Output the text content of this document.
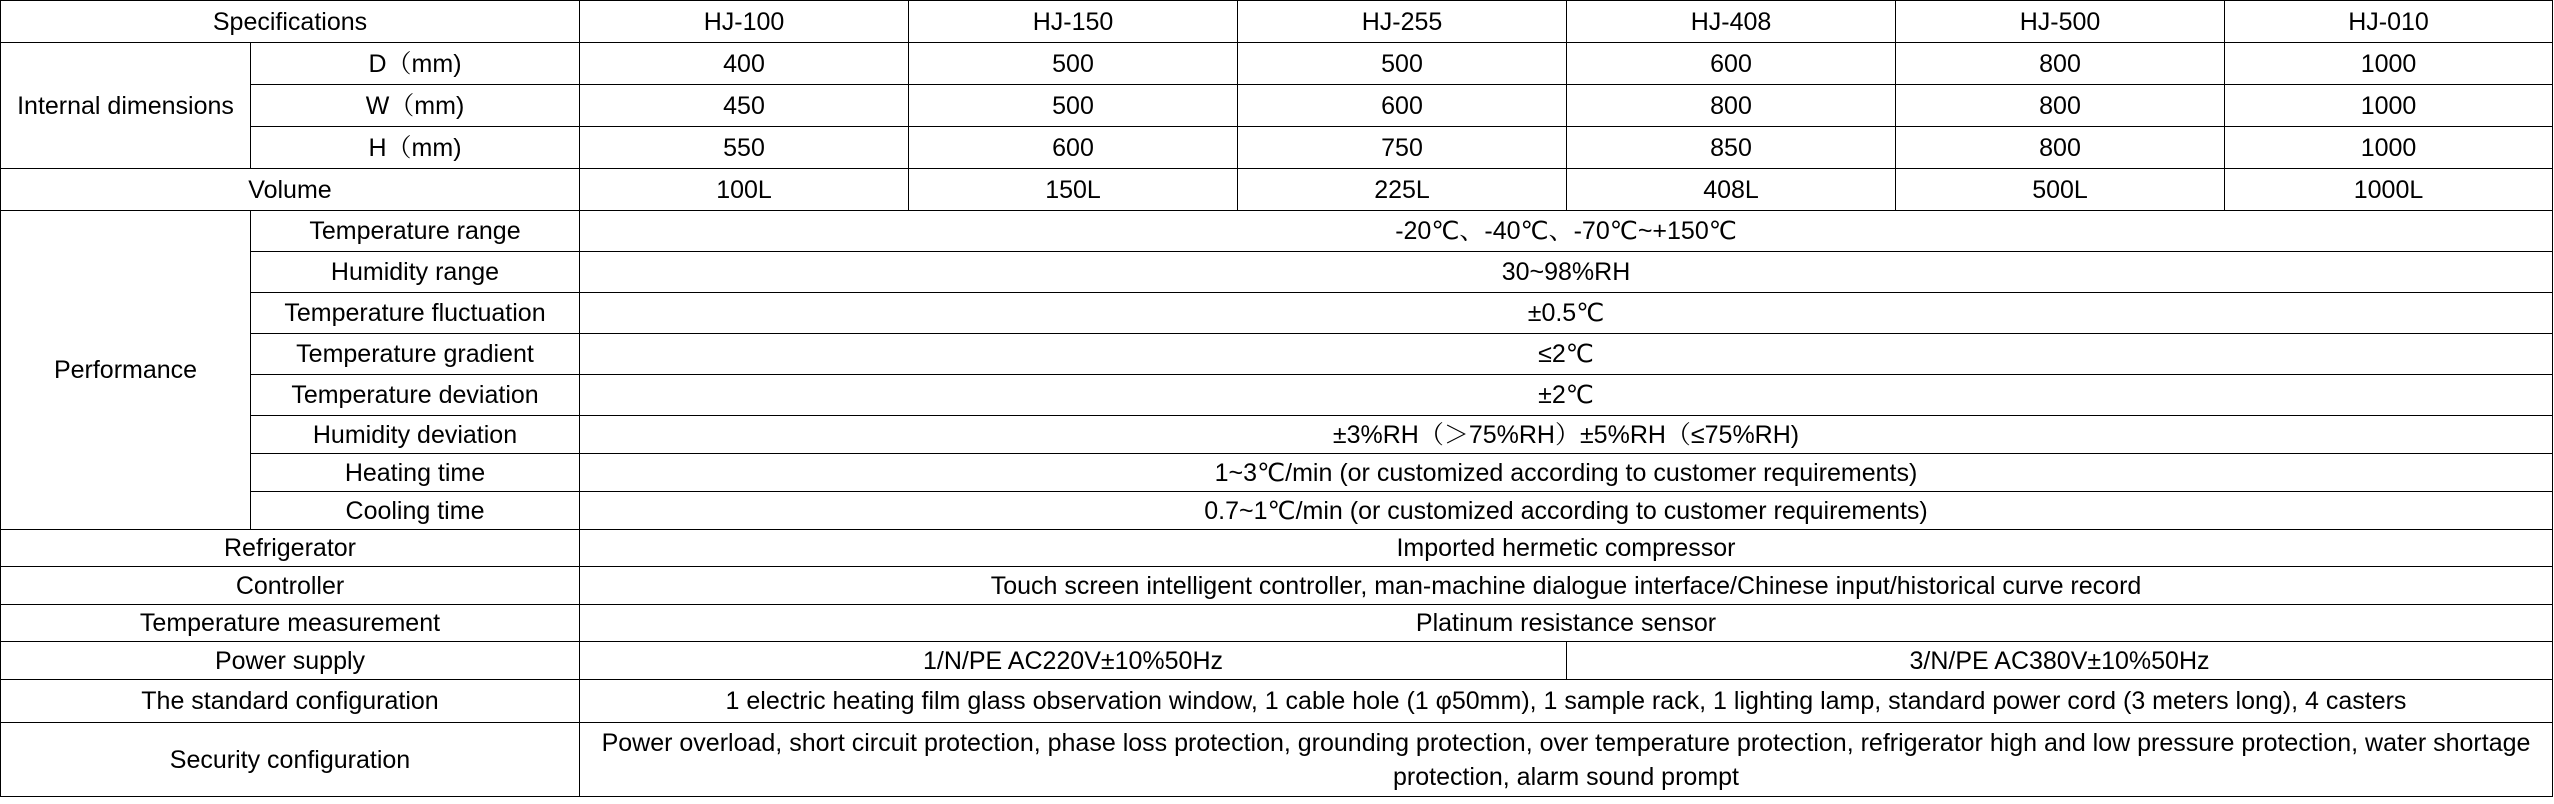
Specifications		HJ-100	HJ-150	HJ-255	HJ-408	HJ-500	HJ-010
Internal dimensions	D（mm)	400	500	500	600	800	1000
	W（mm)	450	500	600	800	800	1000
	H（mm)	550	600	750	850	800	1000
Volume		100L	150L	225L	408L	500L	1000L
Performance	Temperature range	-20℃、-40℃、-70℃~+150℃					
	Humidity range	30~98%RH					
	Temperature fluctuation	±0.5℃					
	Temperature gradient	≤2℃					
	Temperature deviation	±2℃					
	Humidity deviation	±3%RH（＞75%RH）±5%RH（≤75%RH)					
	Heating time	1~3℃/min (or customized according to customer requirements)					
	Cooling time	0.7~1℃/min (or customized according to customer requirements)					
Refrigerator		Imported hermetic compressor					
Controller		Touch screen intelligent controller, man-machine dialogue interface/Chinese input/historical curve record					
Temperature measurement		Platinum resistance sensor					
Power supply		1/N/PE AC220V±10%50Hz			3/N/PE AC380V±10%50Hz		
The standard configuration		1 electric heating film glass observation window, 1 cable hole (1 φ50mm), 1 sample rack, 1 lighting lamp, standard power cord (3 meters long), 4 casters					
Security configuration		Power overload, short circuit protection, phase loss protection, grounding protection, over temperature protection, refrigerator high and low pressure protection, water shortage protection, alarm sound prompt					
